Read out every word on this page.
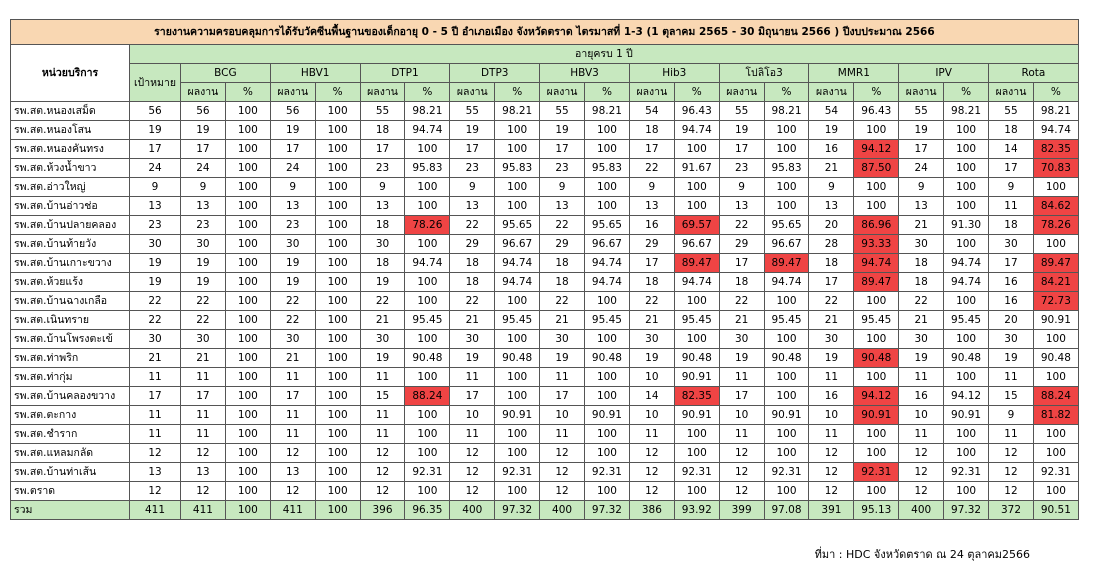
รายงานความครอบคลุมการได้รับวัคซีนพื้นฐานของเด็กอายุ 0 - 5 ปี อำเภอเมือง จังหวัดตราด ไตรมาสที่ 1-3 (1 ตุลาคม 2565 - 30 มิถุนายน 2566 ) ปีงบประมาณ 2566																					
หน่วยบริการ	อายุครบ 1 ปี																				
	เป้าหมาย	BCG		HBV1		DTP1		DTP3		HBV3		Hib3		โปลิโอ3		MMR1		IPV		Rota	
		ผลงาน	%	ผลงาน	%	ผลงาน	%	ผลงาน	%	ผลงาน	%	ผลงาน	%	ผลงาน	%	ผลงาน	%	ผลงาน	%	ผลงาน	%
รพ.สต.หนองเสม็ด	56	56	100	56	100	55	98.21	55	98.21	55	98.21	54	96.43	55	98.21	54	96.43	55	98.21	55	98.21
รพ.สต.หนองโสน	19	19	100	19	100	18	94.74	19	100	19	100	18	94.74	19	100	19	100	19	100	18	94.74
รพ.สต.หนองคันทรง	17	17	100	17	100	17	100	17	100	17	100	17	100	17	100	16	94.12	17	100	14	82.35
รพ.สต.ห้วงน้ำขาว	24	24	100	24	100	23	95.83	23	95.83	23	95.83	22	91.67	23	95.83	21	87.50	24	100	17	70.83
รพ.สต.อ่าวใหญ่	9	9	100	9	100	9	100	9	100	9	100	9	100	9	100	9	100	9	100	9	100
รพ.สต.บ้านอ่าวช่อ	13	13	100	13	100	13	100	13	100	13	100	13	100	13	100	13	100	13	100	11	84.62
รพ.สต.บ้านปลายคลอง	23	23	100	23	100	18	78.26	22	95.65	22	95.65	16	69.57	22	95.65	20	86.96	21	91.30	18	78.26
รพ.สต.บ้านท้ายวัง	30	30	100	30	100	30	100	29	96.67	29	96.67	29	96.67	29	96.67	28	93.33	30	100	30	100
รพ.สต.บ้านเกาะขวาง	19	19	100	19	100	18	94.74	18	94.74	18	94.74	17	89.47	17	89.47	18	94.74	18	94.74	17	89.47
รพ.สต.ห้วยแร้ง	19	19	100	19	100	19	100	18	94.74	18	94.74	18	94.74	18	94.74	17	89.47	18	94.74	16	84.21
รพ.สต.บ้านฉางเกลือ	22	22	100	22	100	22	100	22	100	22	100	22	100	22	100	22	100	22	100	16	72.73
รพ.สต.เนินทราย	22	22	100	22	100	21	95.45	21	95.45	21	95.45	21	95.45	21	95.45	21	95.45	21	95.45	20	90.91
รพ.สต.บ้านโพรงตะเข้	30	30	100	30	100	30	100	30	100	30	100	30	100	30	100	30	100	30	100	30	100
รพ.สต.ท่าพริก	21	21	100	21	100	19	90.48	19	90.48	19	90.48	19	90.48	19	90.48	19	90.48	19	90.48	19	90.48
รพ.สต.ท่ากุ่ม	11	11	100	11	100	11	100	11	100	11	100	10	90.91	11	100	11	100	11	100	11	100
รพ.สต.บ้านคลองขวาง	17	17	100	17	100	15	88.24	17	100	17	100	14	82.35	17	100	16	94.12	16	94.12	15	88.24
รพ.สต.ตะกาง	11	11	100	11	100	11	100	10	90.91	10	90.91	10	90.91	10	90.91	10	90.91	10	90.91	9	81.82
รพ.สต.ชำราก	11	11	100	11	100	11	100	11	100	11	100	11	100	11	100	11	100	11	100	11	100
รพ.สต.แหลมกลัด	12	12	100	12	100	12	100	12	100	12	100	12	100	12	100	12	100	12	100	12	100
รพ.สต.บ้านท่าเส้น	13	13	100	13	100	12	92.31	12	92.31	12	92.31	12	92.31	12	92.31	12	92.31	12	92.31	12	92.31
รพ.ตราด	12	12	100	12	100	12	100	12	100	12	100	12	100	12	100	12	100	12	100	12	100
รวม	411	411	100	411	100	396	96.35	400	97.32	400	97.32	386	93.92	399	97.08	391	95.13	400	97.32	372	90.51
ที่มา : HDC จังหวัดตราด ณ 24 ตุลาคม2566
